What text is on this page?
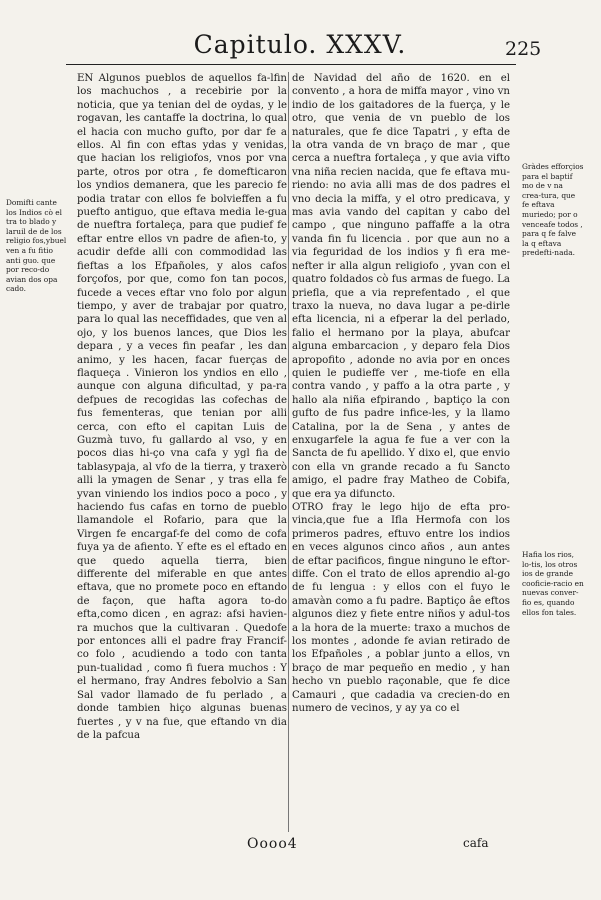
Capitulo. XXXV.	225
Domifti cante los Indios cò el tra to blado y laruil de de los religio fos,ybuel ven a fu fitio anti guo. que por reco-do avian dos opa cado.

EN Algunos pueblos de aquellos fa-lfin los machuchos , a recebirie por la noticia, que ya tenian del de oydas, y le rogavan, les cantaffe la doctrina, lo qual el hacia con mucho gufto, por dar fe a ellos. Al fin con eftas ydas y venidas, que hacian los religiofos, vnos por vna parte, otros por otra , fe domefticaron los yndios demanera, que les parecio fe podia tratar con ellos fe bolvieffen a fu puefto antiguo, que eftava media le-gua de nueftra fortaleça, para que pudief fe eftar entre ellos vn padre de afien-to, y acudir defde alli con commodidad las fieftas a los Efpañoles, y alos cafos forçofos, por que, como fon tan pocos, fucede a veces eftar vno folo por algun tiempo, y aver de trabajar por quatro, para lo qual las neceffidades, que ven al ojo, y los buenos lances, que Dios les depara , y a veces fin peafar , les dan animo, y les hacen, facar fuerças de flaqueça . Vinieron los yndios en ello , aunque con alguna dificultad, y pa-ra defpues de recogidas las cofechas de fus fementeras, que tenian por alli cerca, con efto el capitan Luis de Guzmà tuvo, fu gallardo al vso, y en pocos dias hi-ço vna cafa y ygl fia de tablasypaja, al vfo de la tierra, y traxerò alli la ymagen de Senar , y tras ella fe yvan viniendo los indios poco a poco , y haciendo fus cafas en torno de pueblo llamandole el Rofario, para que la Virgen fe encargaf-fe del como de cofa fuya ya de afiento. Y efte es el eftado en que quedo aquella tierra, bien differente del miferable en que antes eftava, que no promete poco en eftando de façon, que hafta agora to-do efta,como dicen , en agraz: afsi havien-ra muchos que la cultivaran . Quedofe por entonces alli el padre fray Francif-co folo , acudiendo a todo con tanta pun-tualidad , como fi fuera muchos : Y el hermano, fray Andres febolvio a San Sal vador llamado de fu perlado , a donde tambien hiço algunas buenas fuertes , y v na fue, que eftando vn dia de la pafcua

de Navidad del año de 1620. en el convento , a hora de miffa mayor , vino vn indio de los gaitadores de la fuerça, y le otro, que venia de vn pueblo de los naturales, que fe dice Tapatri , y efta de la otra vanda de vn braço de mar , que cerca a nueftra fortaleça , y que avia vifto vna niña recien nacida, que fe eftava mu-riendo: no avia alli mas de dos padres el vno decia la miffa, y el otro predicava, y mas avia vando del capitan y cabo del campo , que ninguno paffaffe a la otra vanda fin fu licencia . por que aun no a via feguridad de los indios y fi era me-nefter ir alla algun religiofo , yvan con el quatro foldados cò fus armas de fuego. La priefla, que a via reprefentado , el que traxo la nueva, no dava lugar a pe-dirle efta licencia, ni a efperar la del perlado, falio el hermano por la playa, abufcar alguna embarcacion , y deparo fela Dios apropofito , adonde no avia por en onces quien le pudieffe ver , me-tiofe en ella contra vando , y paffo a la otra parte , y hallo ala niña efpirando , baptiço la con gufto de fus padre infice-les, y la llamo Catalina, por la de Sena , y antes de enxugarfele la agua fe fue a ver con la Sancta de fu apellido. Y dixo el, que envio con ella vn grande recado a fu Sancto amigo, el padre fray Matheo de Cobifa, que era ya difuncto.

OTRO fray le lego hijo de efta pro-vincia,que fue a Ifla Hermofa con los primeros padres, eftuvo entre los indios en veces algunos cinco años , aun antes de eftar pacificos, fingue ninguno le eftor-diffe. Con el trato de ellos aprendio al-go de fu lengua : y ellos con el fuyo le amavàn como a fu padre. Baptiço âe eftos algunos diez y fiete entre niños y adul-tos a la hora de la muerte: traxo a muchos de los montes , adonde fe avian retirado de los Efpañoles , a poblar junto a ellos, vn braço de mar pequeño en medio , y han hecho vn pueblo raçonable, que fe dice Camauri , que cadadia va crecien-do en numero de vecinos, y ay ya co el

Gràdes efforçios para el baptif mo de v na crea-tura, que fe eftava muriedo; por o venceafe todos , para q fe falve la q eftava predefti-nada.
Hafia los rios, lo-tis, los otros ios de grande cooficie-racio en nuevas conver-fio es, quando ellos fon tales.
Oooo4	cafa
